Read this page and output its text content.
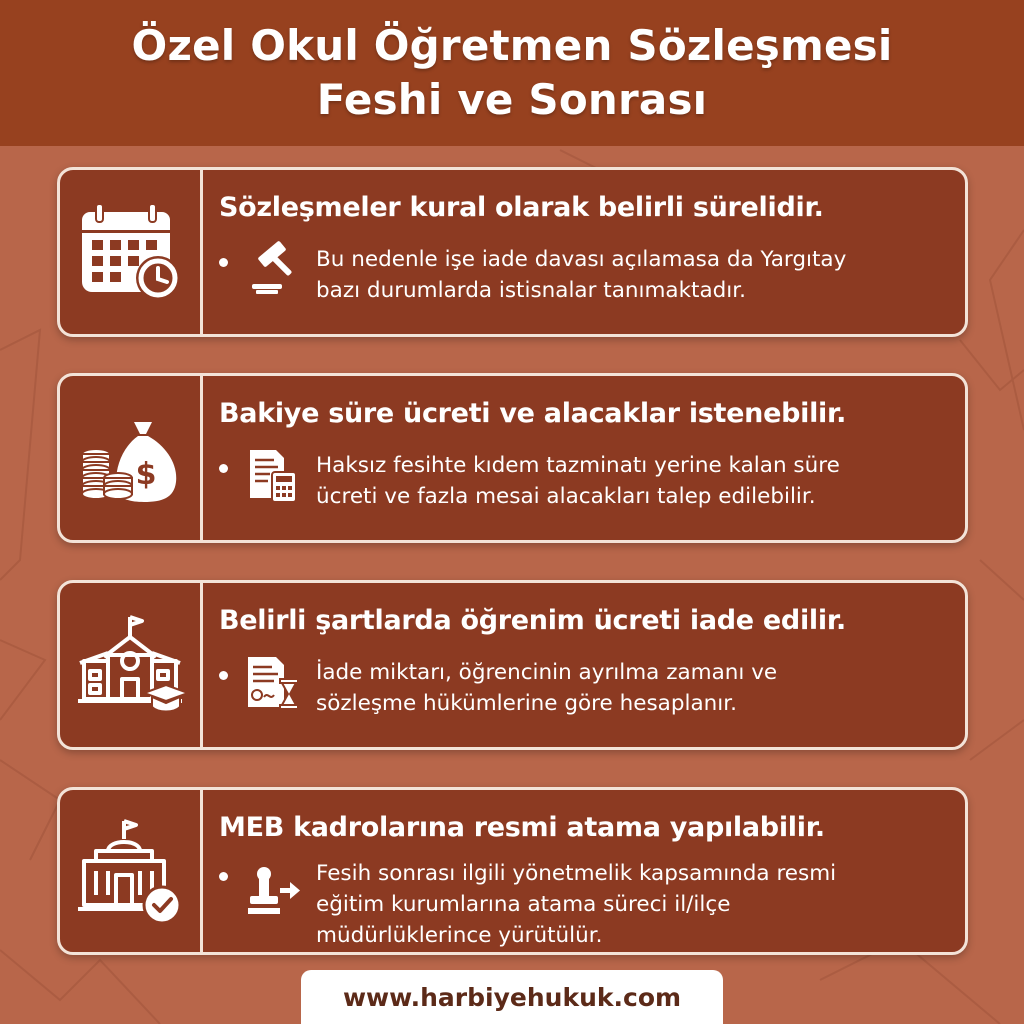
Özel Okul Öğretmen Sözleşmesi
Feshi ve Sonrası
Sözleşmeler kural olarak belirli sürelidir.
Bu nedenle işe iade davası açılamasa da Yargıtay
bazı durumlarda istisnalar tanımaktadır.
$
Bakiye süre ücreti ve alacaklar istenebilir.
Haksız fesihte kıdem tazminatı yerine kalan süre
ücreti ve fazla mesai alacakları talep edilebilir.
Belirli şartlarda öğrenim ücreti iade edilir.
İade miktarı, öğrencinin ayrılma zamanı ve
sözleşme hükümlerine göre hesaplanır.
MEB kadrolarına resmi atama yapılabilir.
Fesih sonrası ilgili yönetmelik kapsamında resmi
eğitim kurumlarına atama süreci il/ilçe
müdürlüklerince yürütülür.
www.harbiyehukuk.com
